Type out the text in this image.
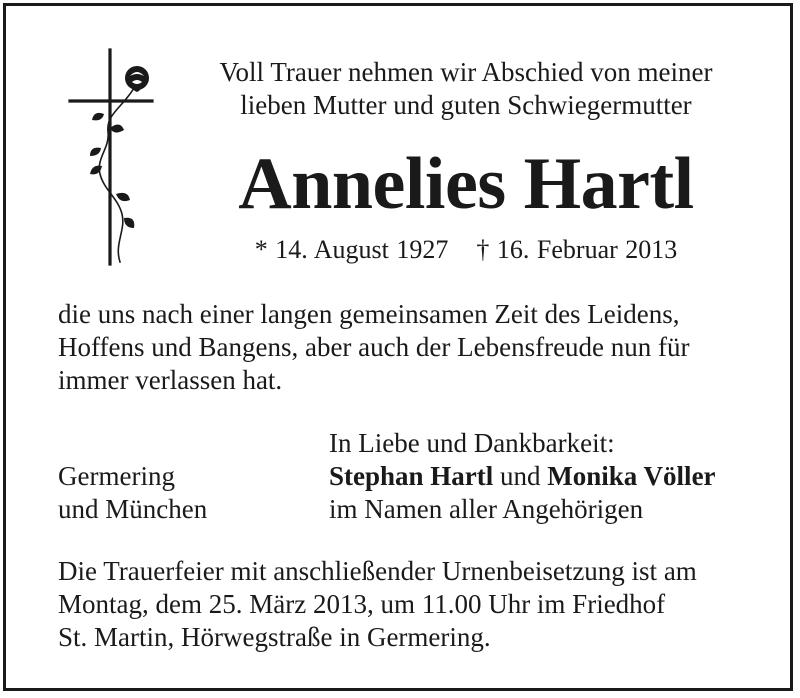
Voll Trauer nehmen wir Abschied von meiner
lieben Mutter und guten Schwiegermutter
Annelies Hartl
* 14. August 1927 † 16. Februar 2013
die uns nach einer langen gemeinsamen Zeit des Leidens,
Hoffens und Bangens, aber auch der Lebensfreude nun für
immer verlassen hat.
In Liebe und Dankbarkeit:
Germering
und München
Stephan Hartl und Monika Völler
im Namen aller Angehörigen
Die Trauerfeier mit anschließender Urnenbeisetzung ist am
Montag, dem 25. März 2013, um 11.00 Uhr im Friedhof
St. Martin, Hörwegstraße in Germering.
